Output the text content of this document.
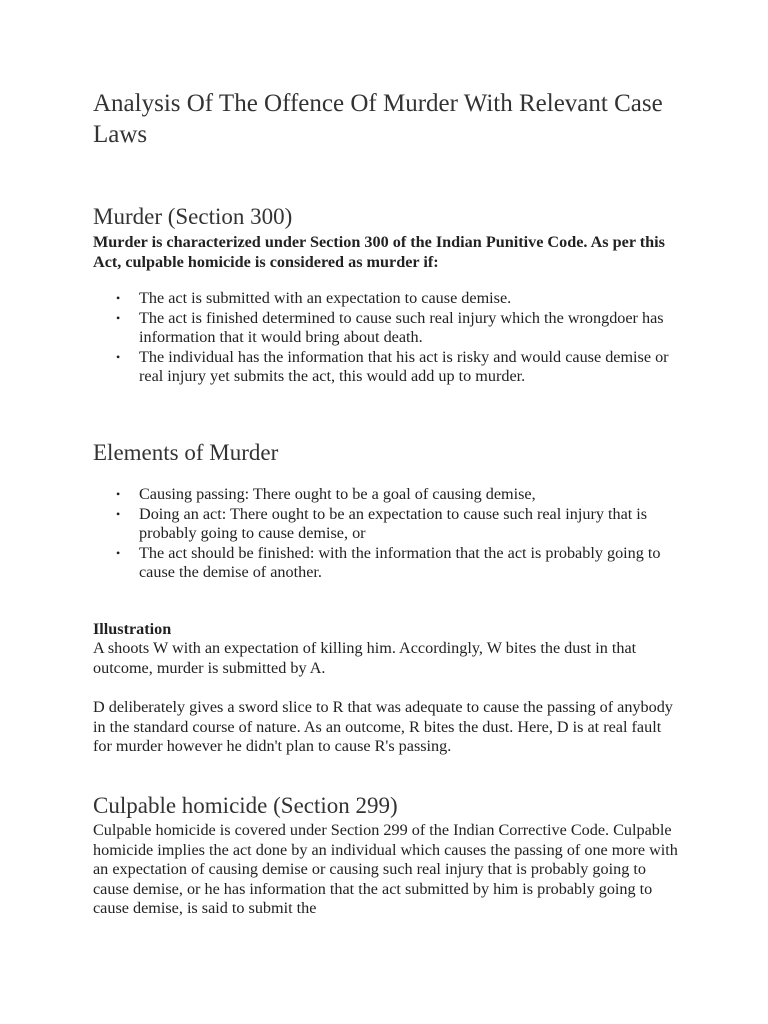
Analysis Of The Offence Of Murder With Relevant Case Laws
Murder (Section 300)

Murder is characterized under Section 300 of the Indian Punitive Code. As per this Act, culpable homicide is considered as murder if:

• The act is submitted with an expectation to cause demise.
• The act is finished determined to cause such real injury which the wrongdoer has information that it would bring about death.
• The individual has the information that his act is risky and would cause demise or real injury yet submits the act, this would add up to murder.
Elements of Murder
• Causing passing: There ought to be a goal of causing demise,
• Doing an act: There ought to be an expectation to cause such real injury that is probably going to cause demise, or
• The act should be finished: with the information that the act is probably going to cause the demise of another.

Illustration

A shoots W with an expectation of killing him. Accordingly, W bites the dust in that outcome, murder is submitted by A.

D deliberately gives a sword slice to R that was adequate to cause the passing of anybody in the standard course of nature. As an outcome, R bites the dust. Here, D is at real fault for murder however he didn't plan to cause R's passing.

Culpable homicide (Section 299)

Culpable homicide is covered under Section 299 of the Indian Corrective Code. Culpable homicide implies the act done by an individual which causes the passing of one more with an expectation of causing demise or causing such real injury that is probably going to cause demise, or he has information that the act submitted by him is probably going to cause demise, is said to submit the
